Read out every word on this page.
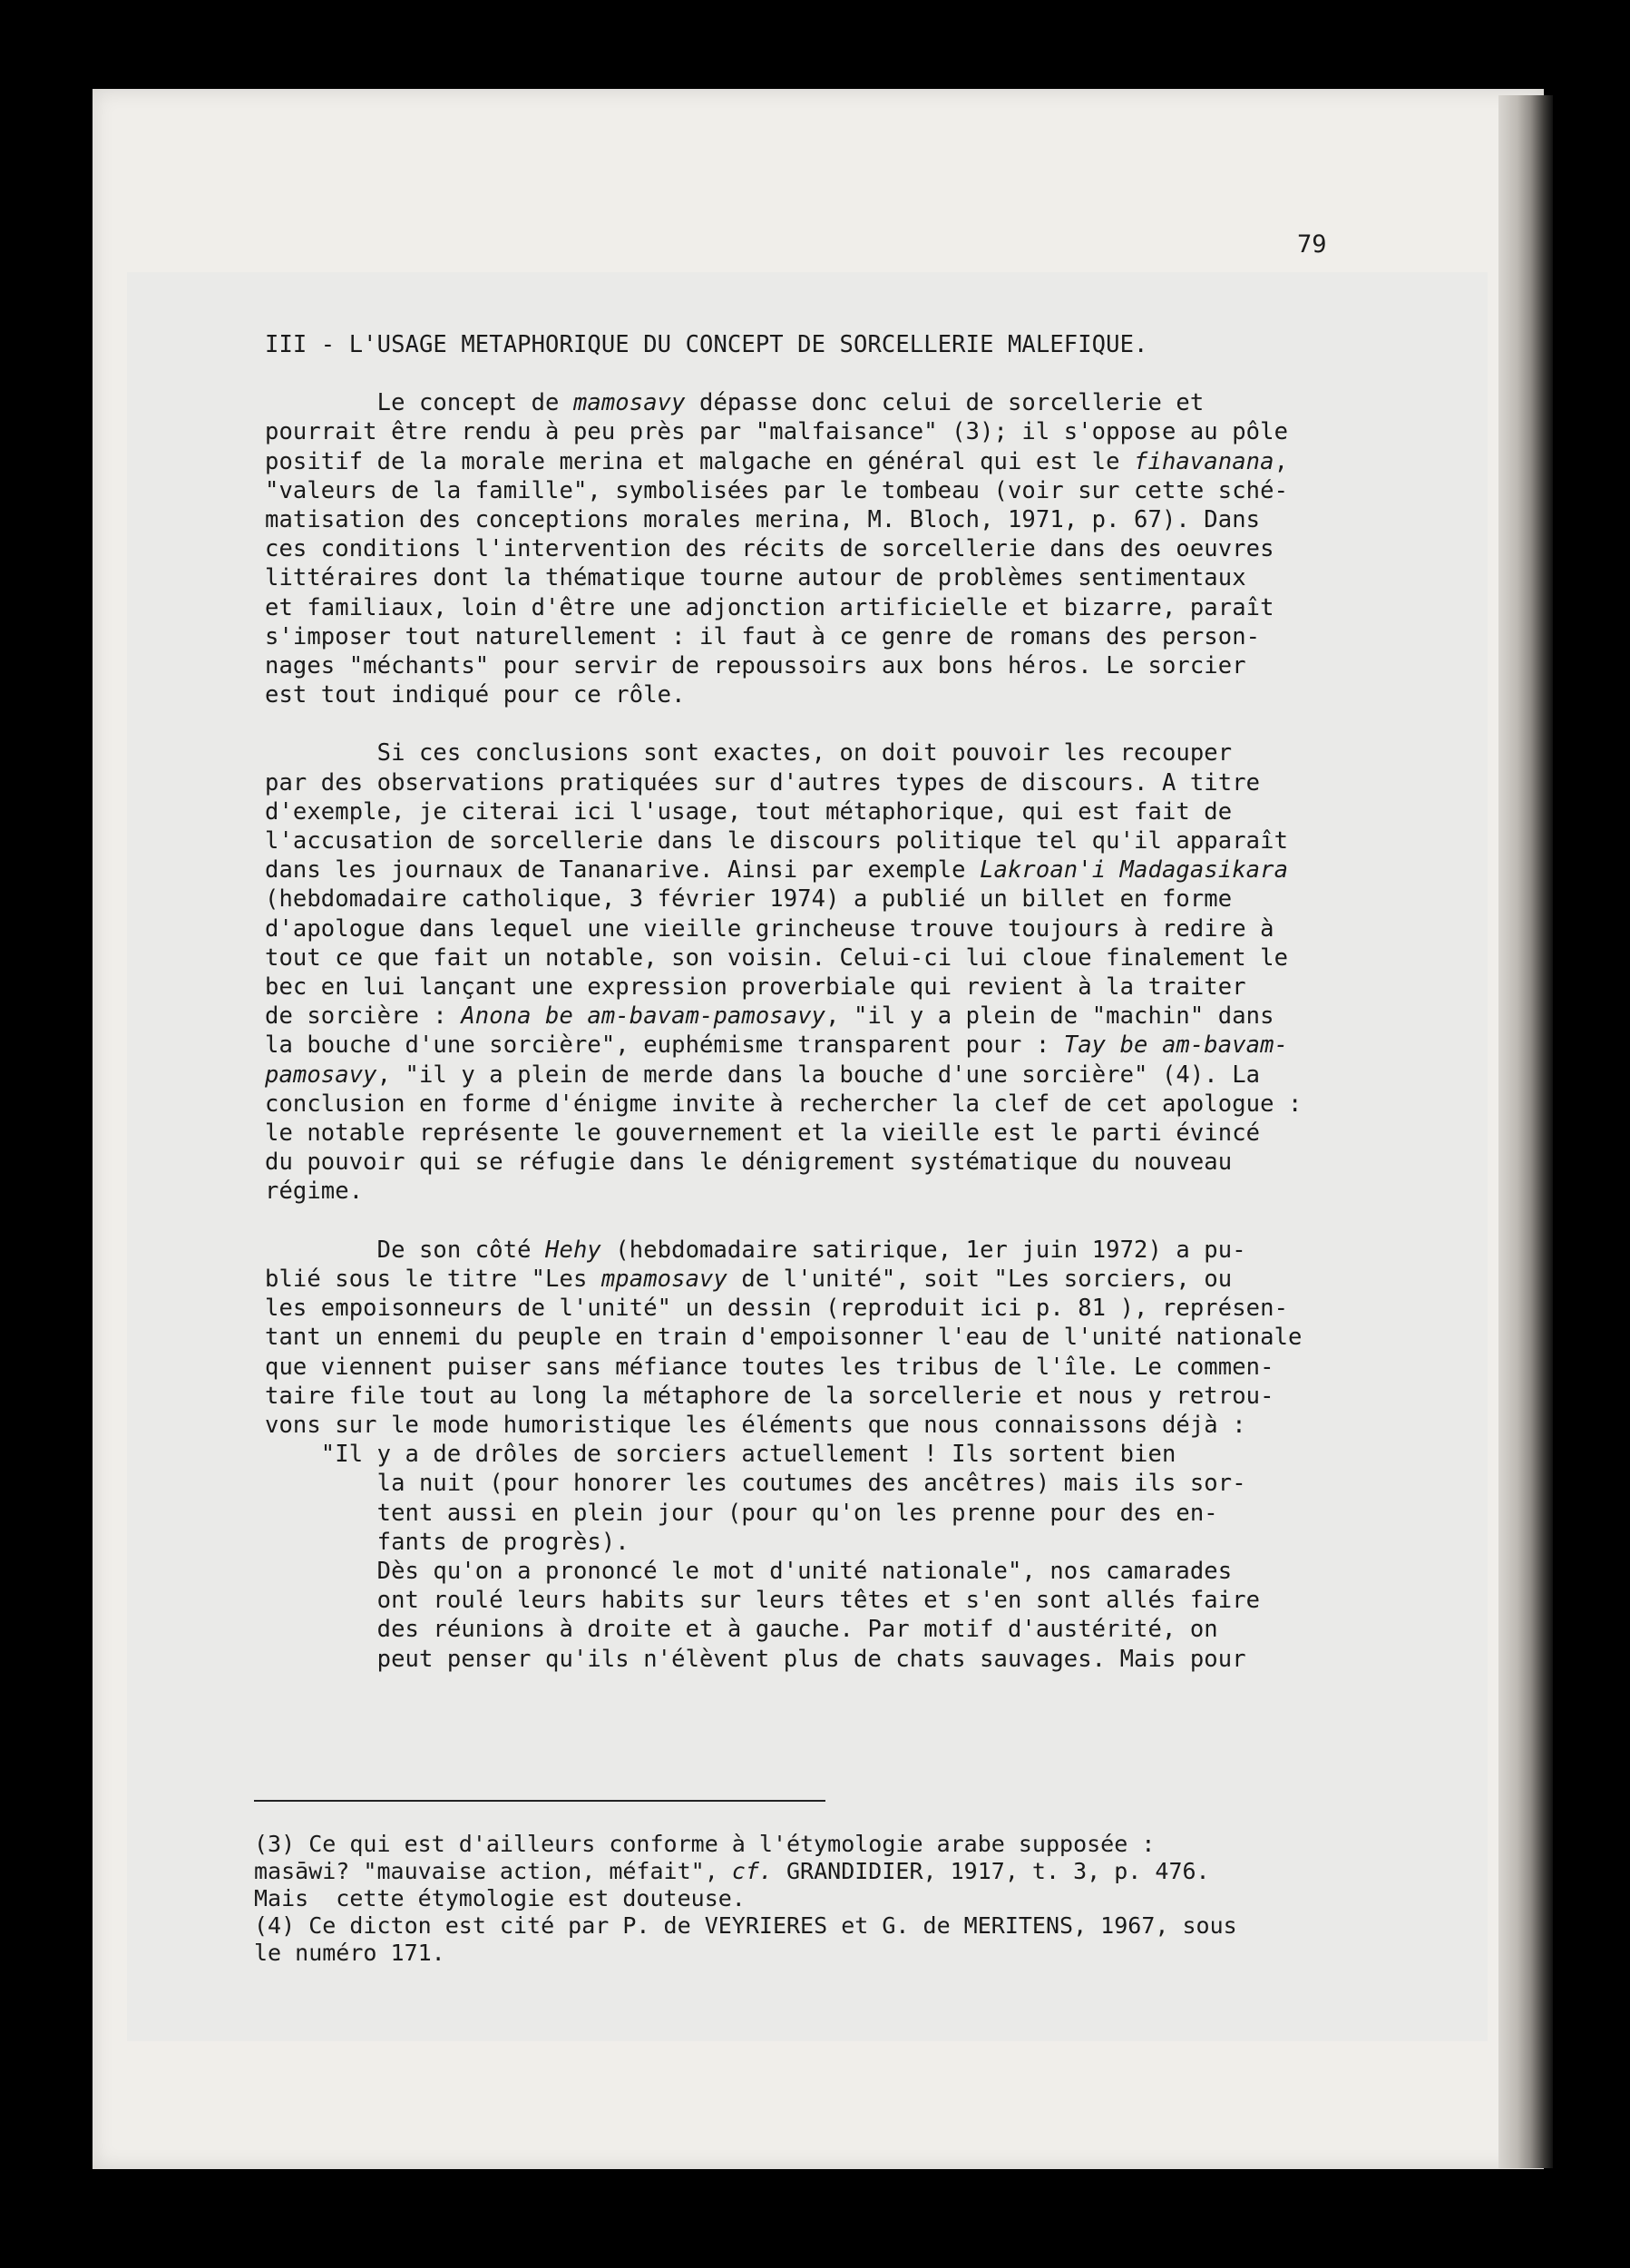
79
III - L'USAGE METAPHORIQUE DU CONCEPT DE SORCELLERIE MALEFIQUE.
Le concept de mamosavy dépasse donc celui de sorcellerie et
pourrait être rendu à peu près par "malfaisance" (3); il s'oppose au pôle
positif de la morale merina et malgache en général qui est le fihavanana,
"valeurs de la famille", symbolisées par le tombeau (voir sur cette sché-
matisation des conceptions morales merina, M. Bloch, 1971, p. 67). Dans
ces conditions l'intervention des récits de sorcellerie dans des oeuvres
littéraires dont la thématique tourne autour de problèmes sentimentaux
et familiaux, loin d'être une adjonction artificielle et bizarre, paraît
s'imposer tout naturellement : il faut à ce genre de romans des person-
nages "méchants" pour servir de repoussoirs aux bons héros. Le sorcier
est tout indiqué pour ce rôle.
Si ces conclusions sont exactes, on doit pouvoir les recouper
par des observations pratiquées sur d'autres types de discours. A titre
d'exemple, je citerai ici l'usage, tout métaphorique, qui est fait de
l'accusation de sorcellerie dans le discours politique tel qu'il apparaît
dans les journaux de Tananarive. Ainsi par exemple Lakroan'i Madagasikara
(hebdomadaire catholique, 3 février 1974) a publié un billet en forme
d'apologue dans lequel une vieille grincheuse trouve toujours à redire à
tout ce que fait un notable, son voisin. Celui-ci lui cloue finalement le
bec en lui lançant une expression proverbiale qui revient à la traiter
de sorcière : Anona be am-bavam-pamosavy, "il y a plein de "machin" dans
la bouche d'une sorcière", euphémisme transparent pour : Tay be am-bavam-
pamosavy, "il y a plein de merde dans la bouche d'une sorcière" (4). La
conclusion en forme d'énigme invite à rechercher la clef de cet apologue :
le notable représente le gouvernement et la vieille est le parti évincé
du pouvoir qui se réfugie dans le dénigrement systématique du nouveau
régime.
De son côté Hehy (hebdomadaire satirique, 1er juin 1972) a pu-
blié sous le titre "Les mpamosavy de l'unité", soit "Les sorciers, ou
les empoisonneurs de l'unité" un dessin (reproduit ici p. 81 ), représen-
tant un ennemi du peuple en train d'empoisonner l'eau de l'unité nationale
que viennent puiser sans méfiance toutes les tribus de l'île. Le commen-
taire file tout au long la métaphore de la sorcellerie et nous y retrou-
vons sur le mode humoristique les éléments que nous connaissons déjà :
"Il y a de drôles de sorciers actuellement ! Ils sortent bien
la nuit (pour honorer les coutumes des ancêtres) mais ils sor-
tent aussi en plein jour (pour qu'on les prenne pour des en-
fants de progrès).
Dès qu'on a prononcé le mot d'unité nationale", nos camarades
ont roulé leurs habits sur leurs têtes et s'en sont allés faire
des réunions à droite et à gauche. Par motif d'austérité, on
peut penser qu'ils n'élèvent plus de chats sauvages. Mais pour
(3) Ce qui est d'ailleurs conforme à l'étymologie arabe supposée :
masāwi? "mauvaise action, méfait", cf. GRANDIDIER, 1917, t. 3, p. 476.
Mais  cette étymologie est douteuse.
(4) Ce dicton est cité par P. de VEYRIERES et G. de MERITENS, 1967, sous
le numéro 171.
